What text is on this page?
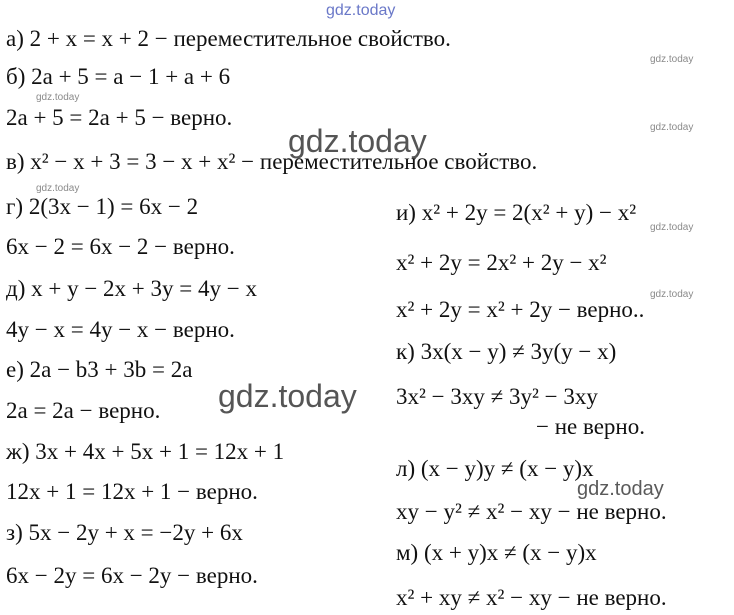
gdz.today
gdz.today
gdz.today
gdz.today
gdz.today
gdz.today
gdz.today
gdz.today
gdz.today
gdz.today
а) 2 + x = x + 2 − переместительное свойство.
б) 2a + 5 = a − 1 + a + 6
2a + 5 = 2a + 5 − верно.
в) x² − x + 3 = 3 − x + x² − переместительное свойство.
г) 2(3x − 1) = 6x − 2
6x − 2 = 6x − 2 − верно.
д) x + y − 2x + 3y = 4y − x
4y − x = 4y − x − верно.
е) 2a − b3 + 3b = 2a
2a = 2a − верно.
ж) 3x + 4x + 5x + 1 = 12x + 1
12x + 1 = 12x + 1 − верно.
з) 5x − 2y + x = −2y + 6x
6x − 2y = 6x − 2y − верно.
и) x² + 2y = 2(x² + y) − x²
x² + 2y = 2x² + 2y − x²
x² + 2y = x² + 2y − верно..
к) 3x(x − y) ≠ 3y(y − x)
3x² − 3xy ≠ 3y² − 3xy
− не верно.
л) (x − y)y ≠ (x − y)x
xy − y² ≠ x² − xy − не верно.
м) (x + y)x ≠ (x − y)x
x² + xy ≠ x² − xy − не верно.
